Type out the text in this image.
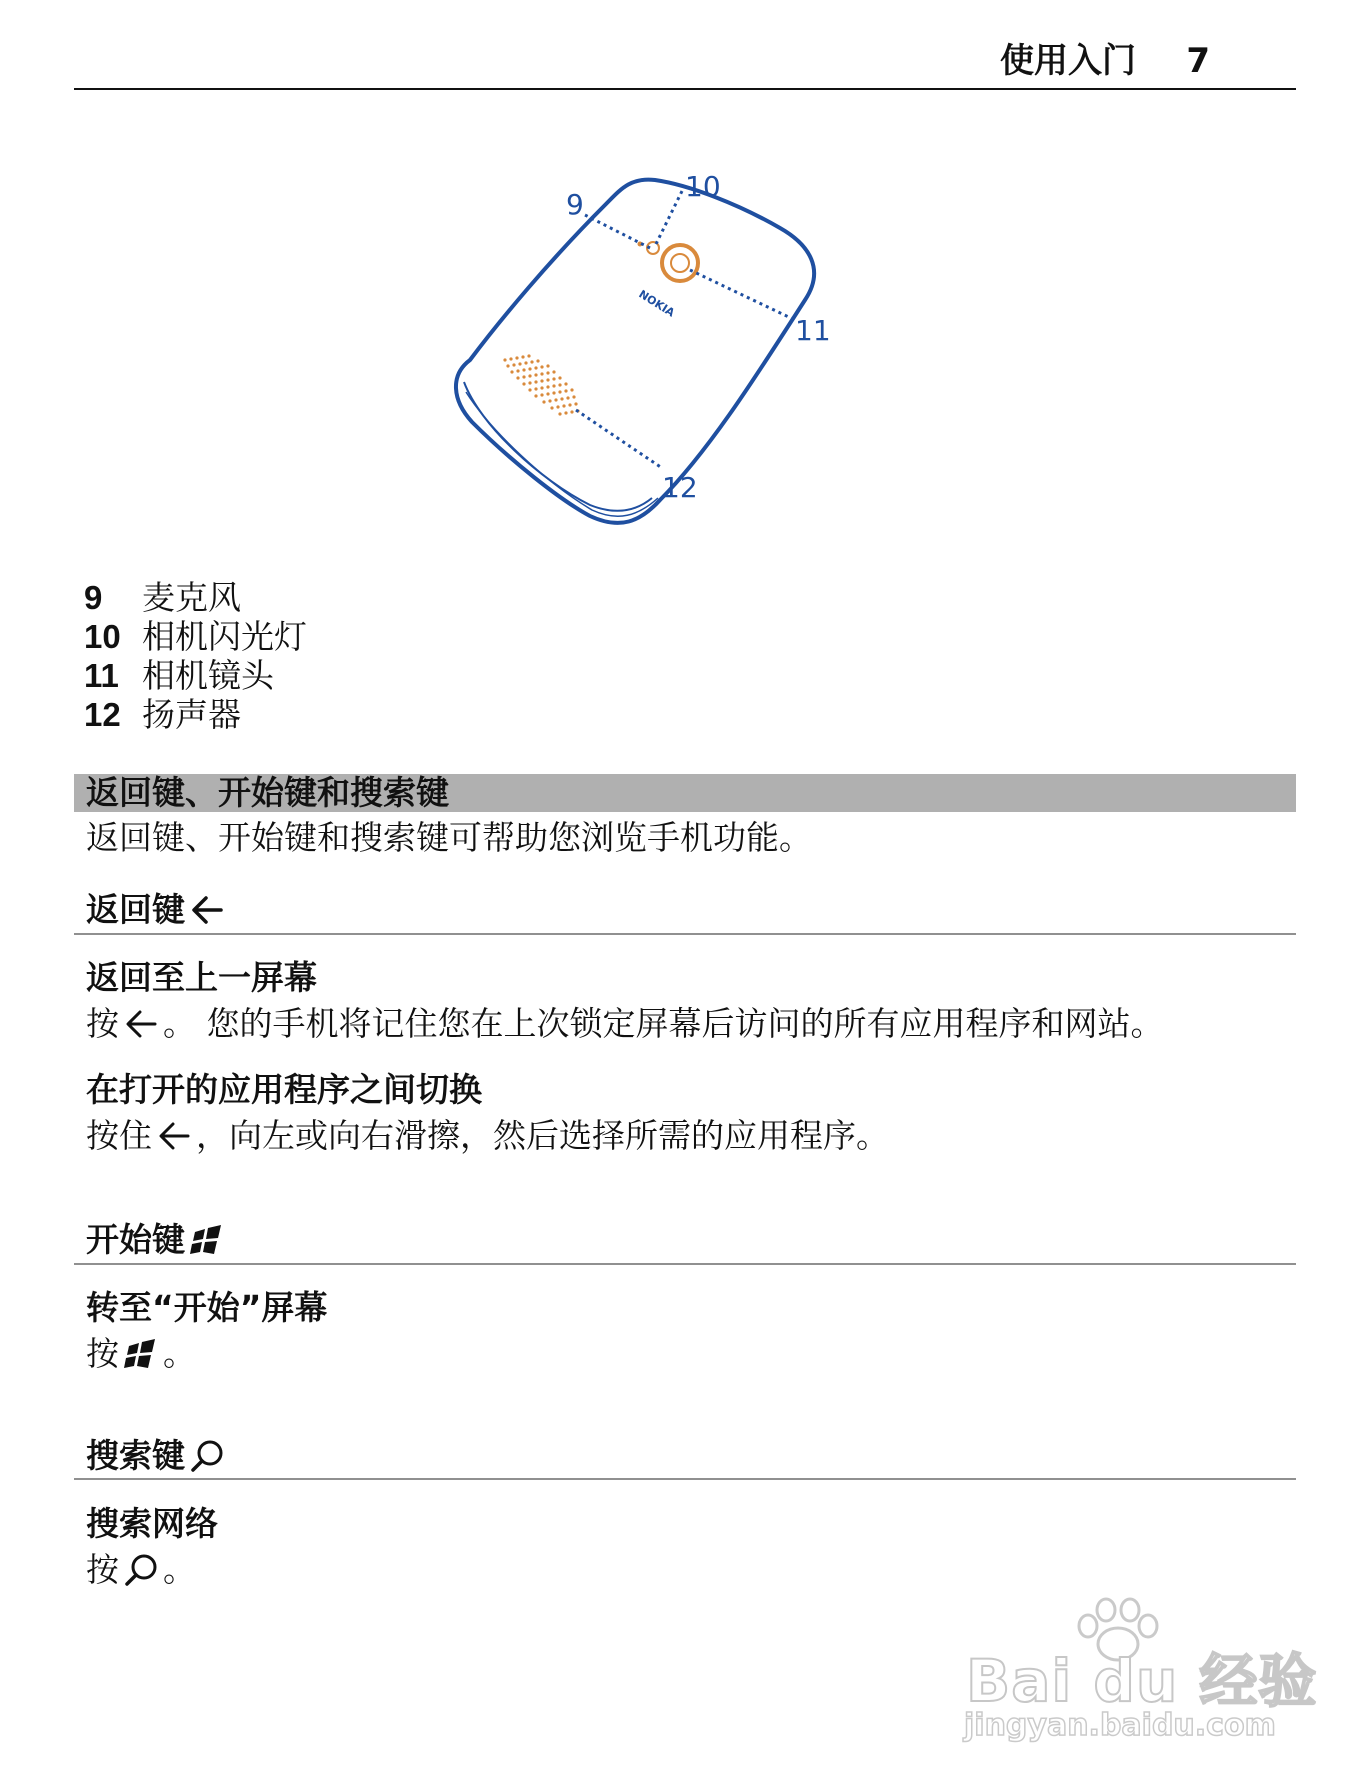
使用入门 7
NOKIA
9
10
11
12
9	麦克风
10 相机闪光灯
11 相机镜头
12 扬声器
返回键、开始键和搜索键
返回键、开始键和搜索键可帮助您浏览手机功能。
返回键
返回至上一屏幕
按 。 您的手机将记住您在上次锁定屏幕后访问的所有应用程序和网站。
在打开的应用程序之间切换
按住 ，向左或向右滑擦，然后选择所需的应用程序。
开始键
转至“开始”屏幕
按 。
搜索键
搜索网络
按 。
Bai du 经验
jingyan.baidu.com
